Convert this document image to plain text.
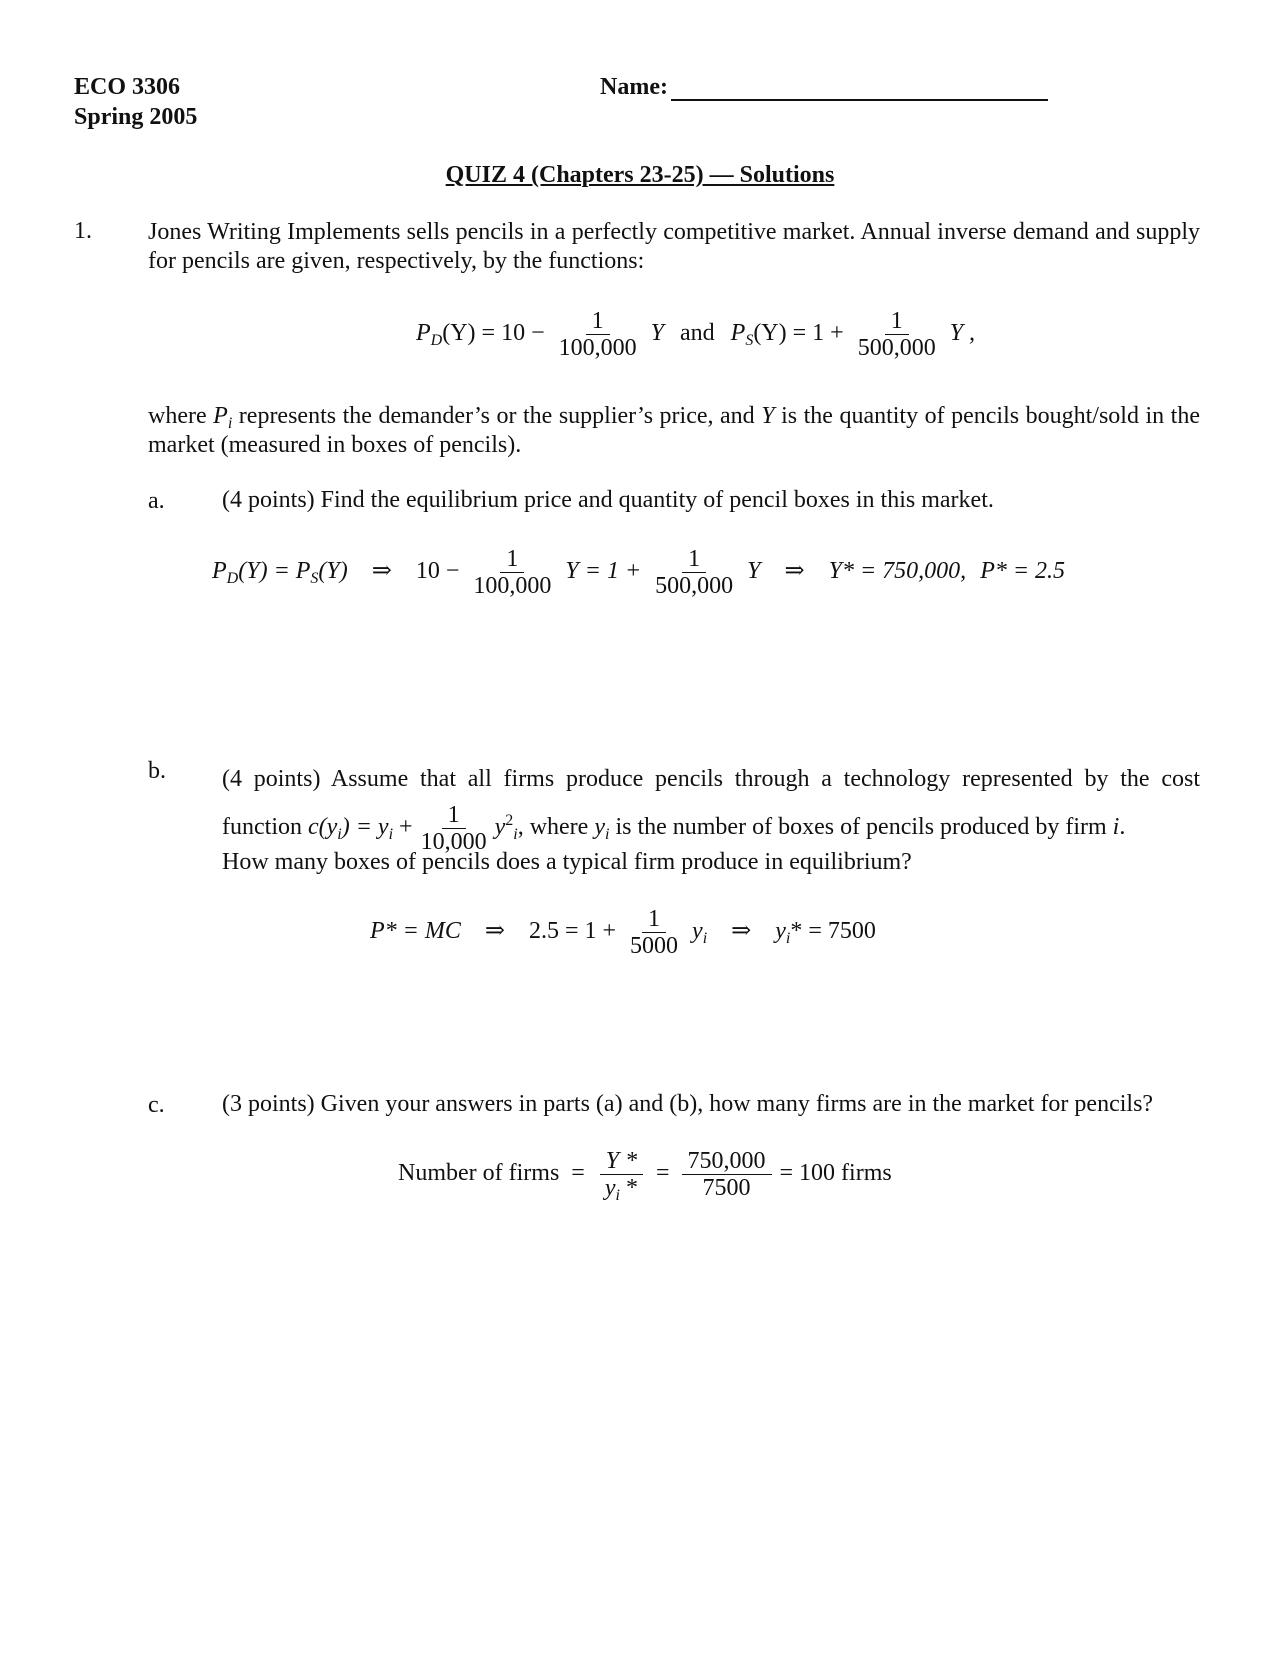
ECO 3306
Spring 2005
Name:
QUIZ 4 (Chapters 23-25) — Solutions
1. Jones Writing Implements sells pencils in a perfectly competitive market. Annual inverse demand and supply for pencils are given, respectively, by the functions:
$P_D(Y) = 10 - \frac{1}{100,000}$ Y and $P_S(Y) = 1 + \frac{1}{500,000}$ Y ,
where $P_i$ represents the demander’s or the supplier’s price, and Y is the quantity of pencils bought/sold in the market (measured in boxes of pencils).
a. (4 points) Find the equilibrium price and quantity of pencil boxes in this market.
$P_D(Y) = P_S(Y)$ ⇒ $10 - \frac{1}{100,000}$ $Y = 1 + \frac{1}{500,000}$ Y ⇒ Y* = 750,000, P* = 2.5
b. (4 points) Assume that all firms produce pencils through a technology represented by the cost function $c(y_i) = y_i + \frac{1}{10,000} y^2_i$, where $y_i$ is the number of boxes of pencils produced by firm i.
How many boxes of pencils does a typical firm produce in equilibrium?
P* = MC ⇒ $2.5 = 1 + \frac{1}{5000} y_i$ ⇒ $y_i* = 7500$
c. (3 points) Given your answers in parts (a) and (b), how many firms are in the market for pencils?
Number of firms = $\frac{Y *}{y_i *} = \frac{750,000}{7500} = 100$ firms
